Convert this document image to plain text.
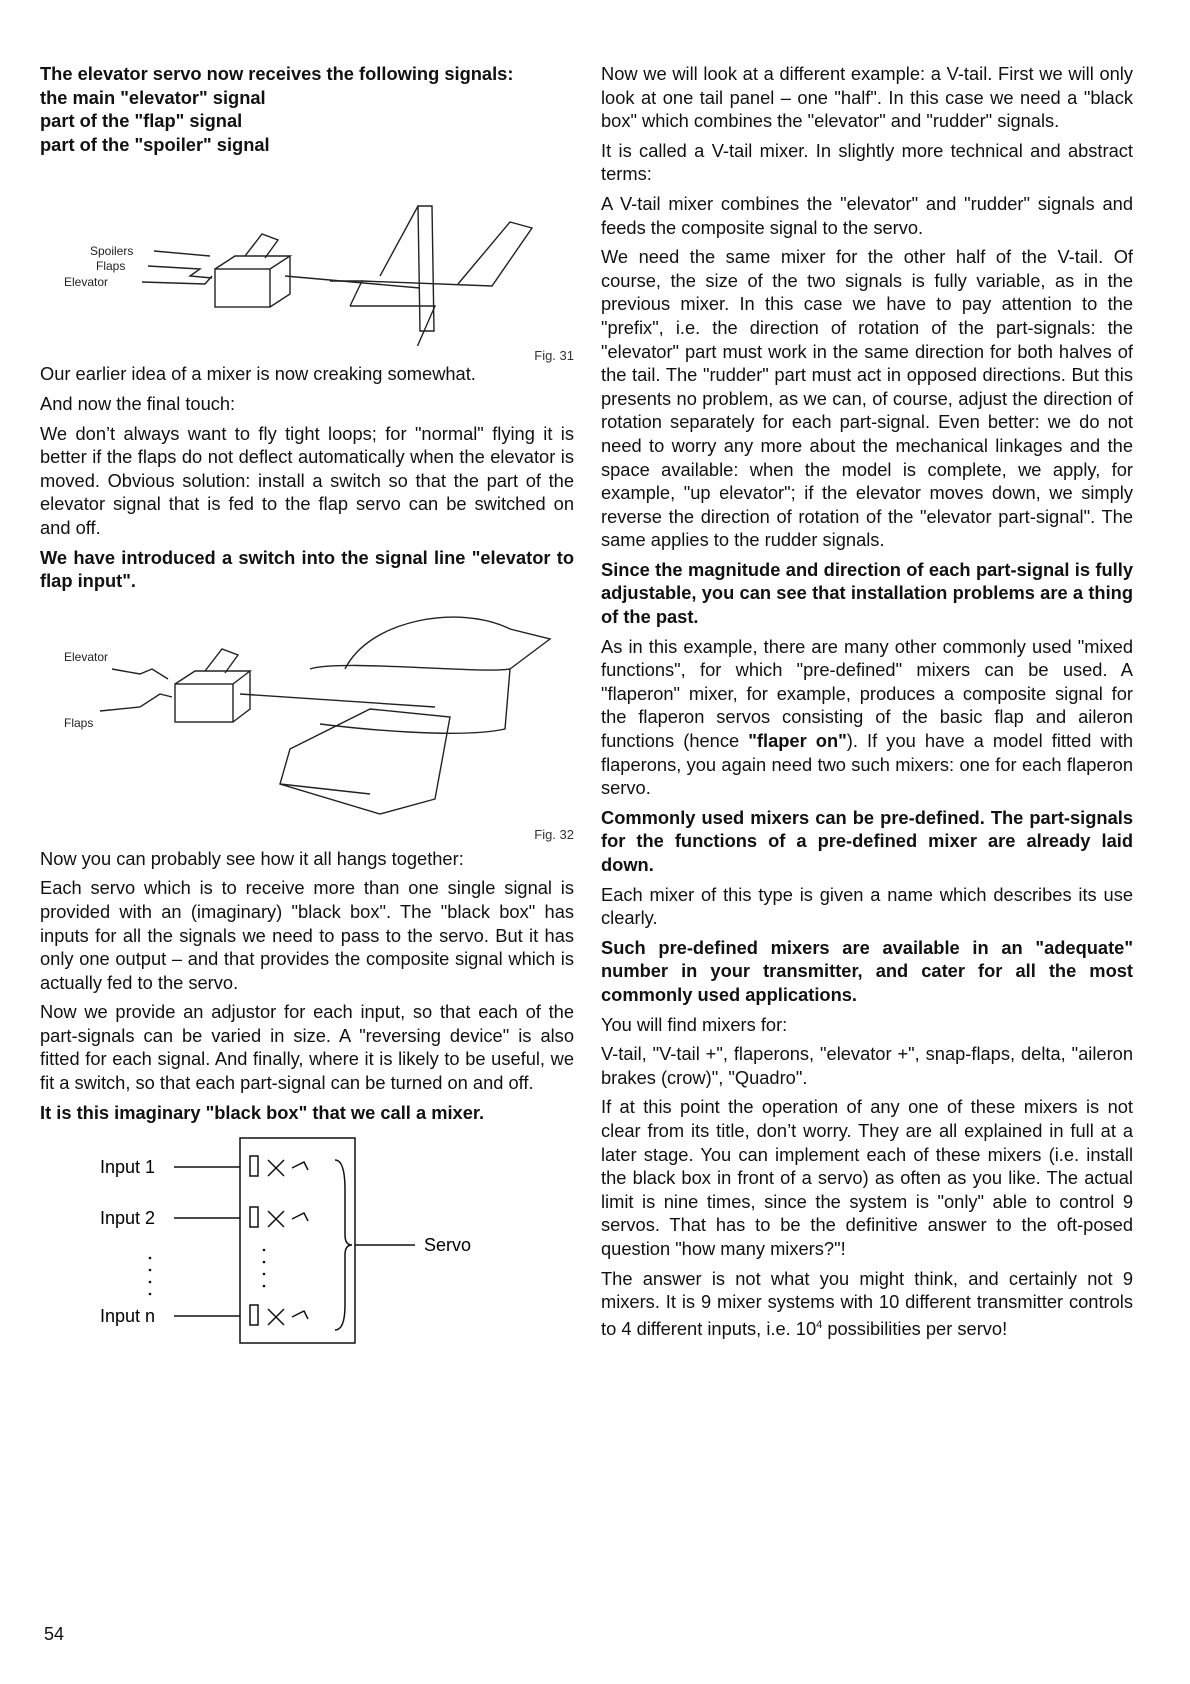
The elevator servo now receives the following signals:

the main "elevator" signal

part of the "flap" signal

part of the "spoiler" signal

Spoilers
Flaps
Elevator
Fig. 31

Our earlier idea of a mixer is now creaking somewhat.

And now the final touch:

We don’t always want to fly tight loops; for "normal" flying it is better if the flaps do not deflect automatically when the elevator is moved. Obvious solution: install a switch so that the part of the elevator signal that is fed to the flap servo can be switched on and off.

We have introduced a switch into the signal line "elevator to flap input".

Elevator
Flaps
Fig. 32

Now you can probably see how it all hangs together:

Each servo which is to receive more than one single signal is provided with an (imaginary) "black box". The "black box" has inputs for all the signals we need to pass to the servo. But it has only one output – and that provides the composite signal which is actually fed to the servo.

Now we provide an adjustor for each input, so that each of the part-signals can be varied in size. A "reversing device" is also fitted for each signal. And finally, where it is likely to be useful, we fit a switch, so that each part-signal can be turned on and off.

It is this imaginary "black box" that we call a mixer.

Input 1
Input 2
Input n
Servo

Now we will look at a different example: a V-tail. First we will only look at one tail panel – one "half". In this case we need a "black box" which combines the "elevator" and "rudder" signals.

It is called a V-tail mixer. In slightly more technical and abstract terms:

A V-tail mixer combines the "elevator" and "rudder" signals and feeds the composite signal to the servo.

We need the same mixer for the other half of the V-tail. Of course, the size of the two signals is fully variable, as in the previous mixer. In this case we have to pay attention to the "prefix", i.e. the direction of rotation of the part-signals: the "elevator" part must work in the same direction for both halves of the tail. The "rudder" part must act in opposed directions. But this presents no problem, as we can, of course, adjust the direction of rotation separately for each part-signal. Even better: we do not need to worry any more about the mechanical linkages and the space available: when the model is complete, we apply, for example, "up elevator"; if the elevator moves down, we simply reverse the direction of rotation of the "elevator part-signal". The same applies to the rudder signals.

Since the magnitude and direction of each part-signal is fully adjustable, you can see that installation problems are a thing of the past.

As in this example, there are many other commonly used "mixed functions", for which "pre-defined" mixers can be used. A "flaperon" mixer, for example, produces a composite signal for the flaperon servos consisting of the basic flap and aileron functions (hence "flaper on"). If you have a model fitted with flaperons, you again need two such mixers: one for each flaperon servo.

Commonly used mixers can be pre-defined. The part-signals for the functions of a pre-defined mixer are already laid down.

Each mixer of this type is given a name which describes its use clearly.

Such pre-defined mixers are available in an "adequate" number in your transmitter, and cater for all the most commonly used applications.

You will find mixers for:

V-tail, "V-tail +", flaperons, "elevator +", snap-flaps, delta, "aileron brakes (crow)", "Quadro".

If at this point the operation of any one of these mixers is not clear from its title, don’t worry. They are all explained in full at a later stage. You can implement each of these mixers (i.e. install the black box in front of a servo) as often as you like. The actual limit is nine times, since the system is "only" able to control 9 servos. That has to be the definitive answer to the oft-posed question "how many mixers?"!

The answer is not what you might think, and certainly not 9 mixers. It is 9 mixer systems with 10 different transmitter controls to 4 different inputs, i.e. $10^4$ possibilities per servo!

54
